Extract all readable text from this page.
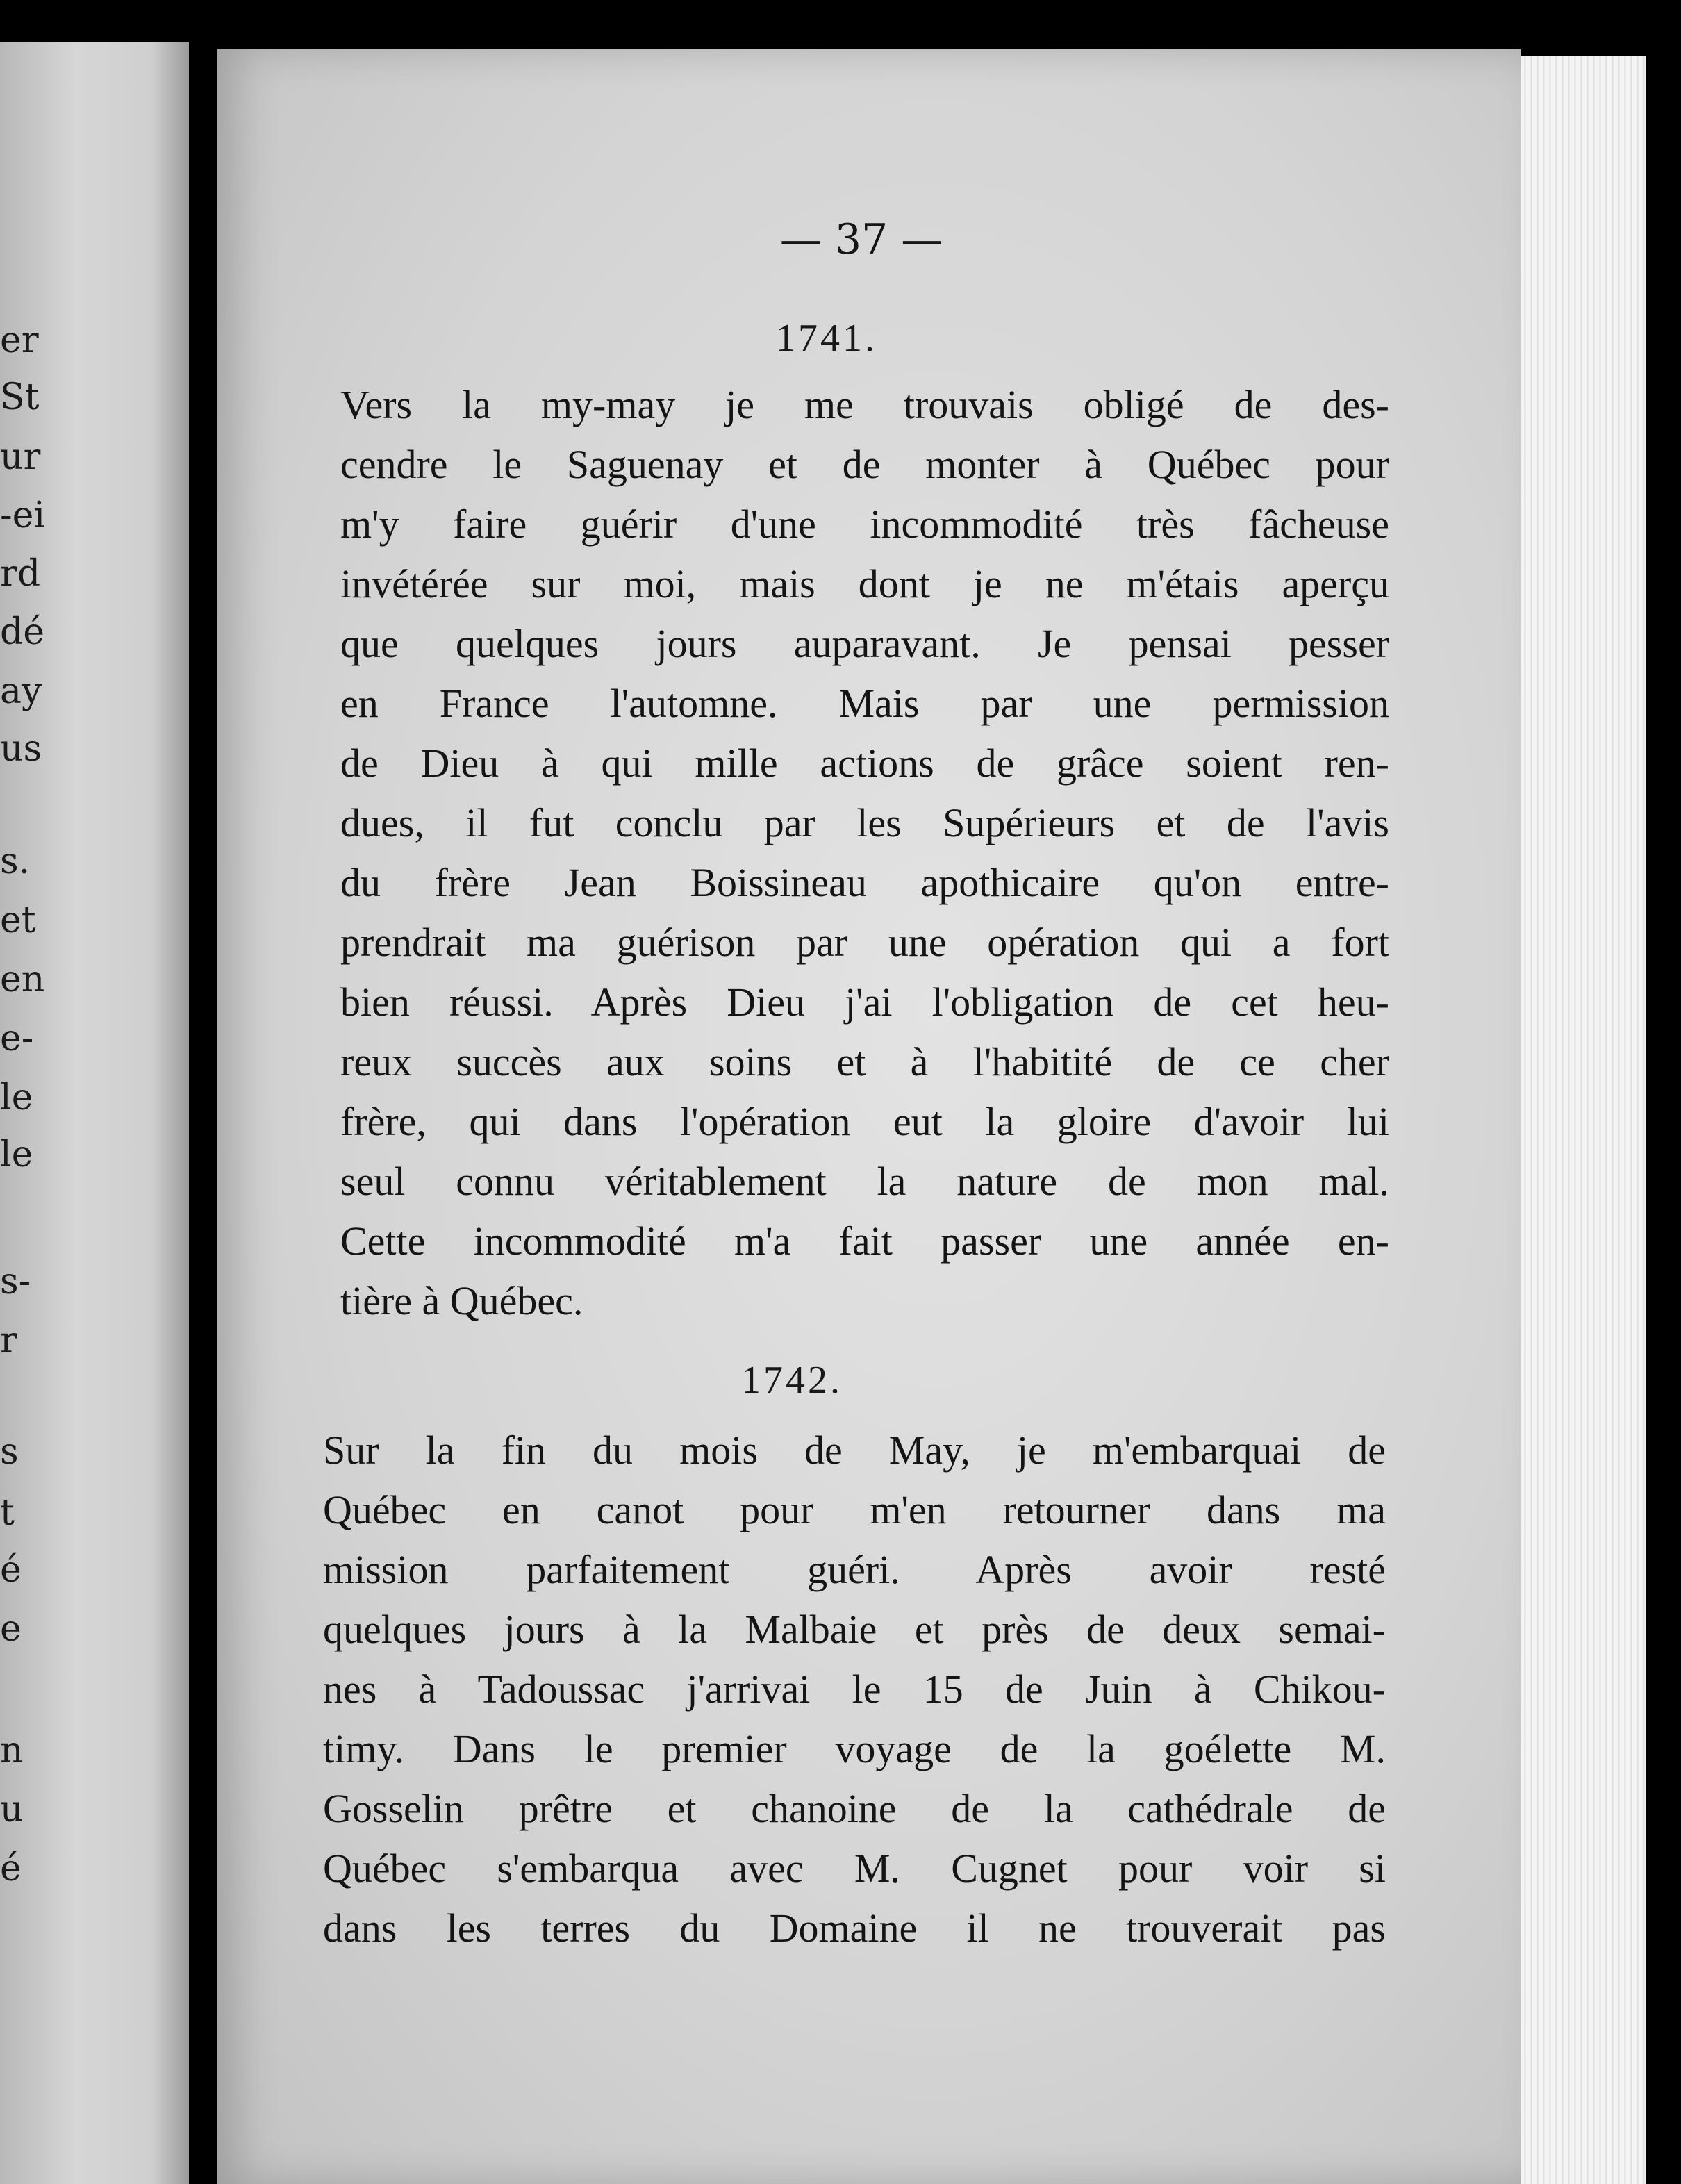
er
St
ur
-ei
rd
dé
ay
us
s.
et
en
e-
le
le
s-
r
s
t
é
e
n
u
é
— 37 —
1741.
Vers la my-may je me trouvais obligé de des-
cendre le Saguenay et de monter à Québec pour
m'y faire guérir d'une incommodité très fâcheuse
invétérée sur moi, mais dont je ne m'étais aperçu
que quelques jours auparavant. Je pensai pesser
en France l'automne. Mais par une permission
de Dieu à qui mille actions de grâce soient ren-
dues, il fut conclu par les Supérieurs et de l'avis
du frère Jean Boissineau apothicaire qu'on entre-
prendrait ma guérison par une opération qui a fort
bien réussi. Après Dieu j'ai l'obligation de cet heu-
reux succès aux soins et à l'habitité de ce cher
frère, qui dans l'opération eut la gloire d'avoir lui
seul connu véritablement la nature de mon mal.
Cette incommodité m'a fait passer une année en-
tière à Québec.
1742.
Sur la fin du mois de May, je m'embarquai de
Québec en canot pour m'en retourner dans ma
mission parfaitement guéri. Après avoir resté
quelques jours à la Malbaie et près de deux semai-
nes à Tadoussac j'arrivai le 15 de Juin à Chikou-
timy. Dans le premier voyage de la goélette M.
Gosselin prêtre et chanoine de la cathédrale de
Québec s'embarqua avec M. Cugnet pour voir si
dans les terres du Domaine il ne trouverait pas
